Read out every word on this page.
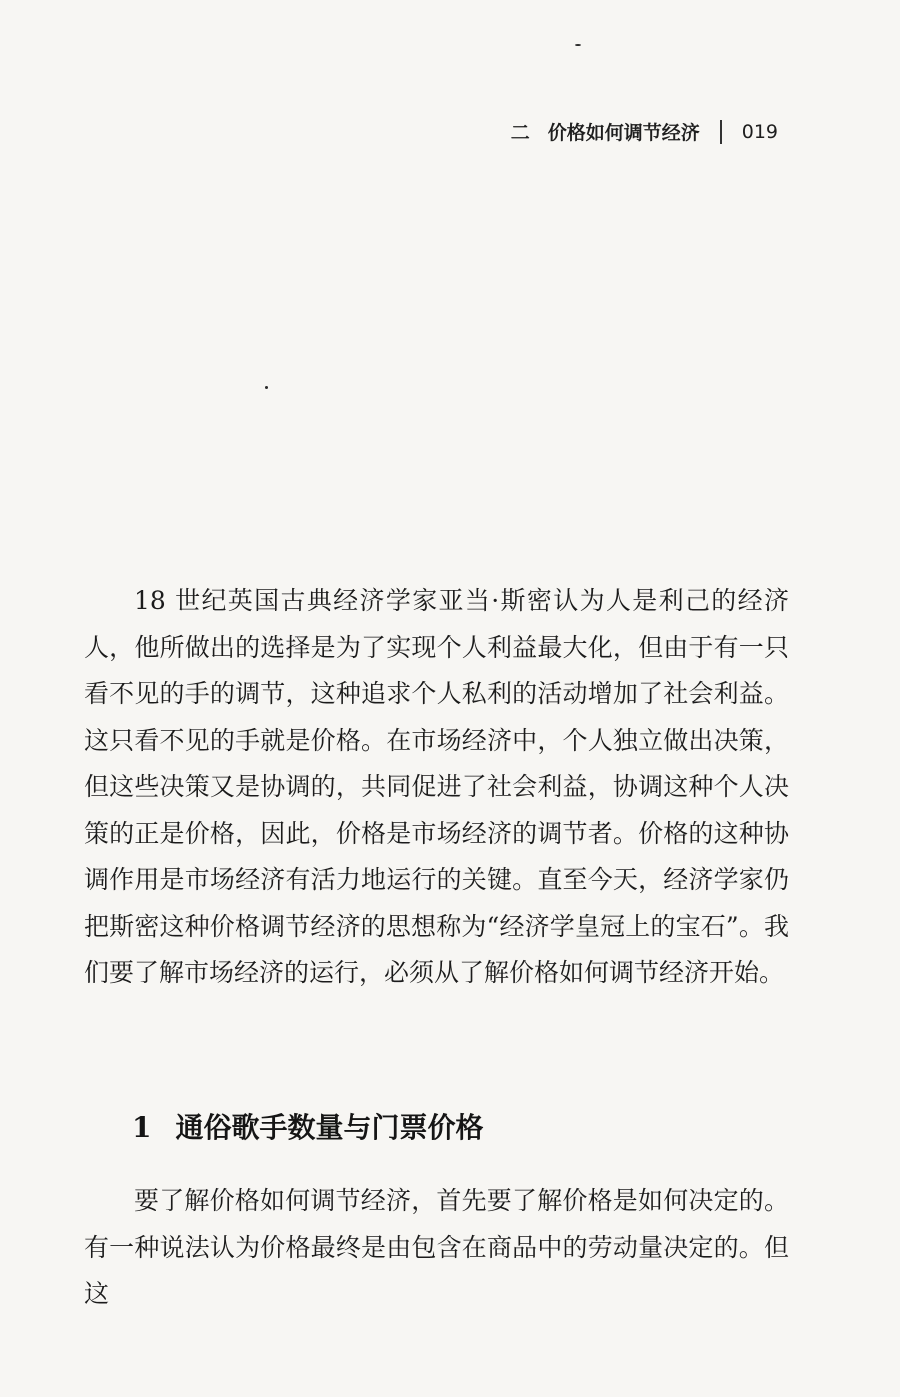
二 价格如何调节经济 019

18 世纪英国古典经济学家亚当·斯密认为人是利己的经济人，他所做出的选择是为了实现个人利益最大化，但由于有一只看不见的手的调节，这种追求个人私利的活动增加了社会利益。这只看不见的手就是价格。在市场经济中，个人独立做出决策，但这些决策又是协调的，共同促进了社会利益，协调这种个人决策的正是价格，因此，价格是市场经济的调节者。价格的这种协调作用是市场经济有活力地运行的关键。直至今天，经济学家仍把斯密这种价格调节经济的思想称为“经济学皇冠上的宝石”。我们要了解市场经济的运行，必须从了解价格如何调节经济开始。

1 通俗歌手数量与门票价格

要了解价格如何调节经济，首先要了解价格是如何决定的。有一种说法认为价格最终是由包含在商品中的劳动量决定的。但这
